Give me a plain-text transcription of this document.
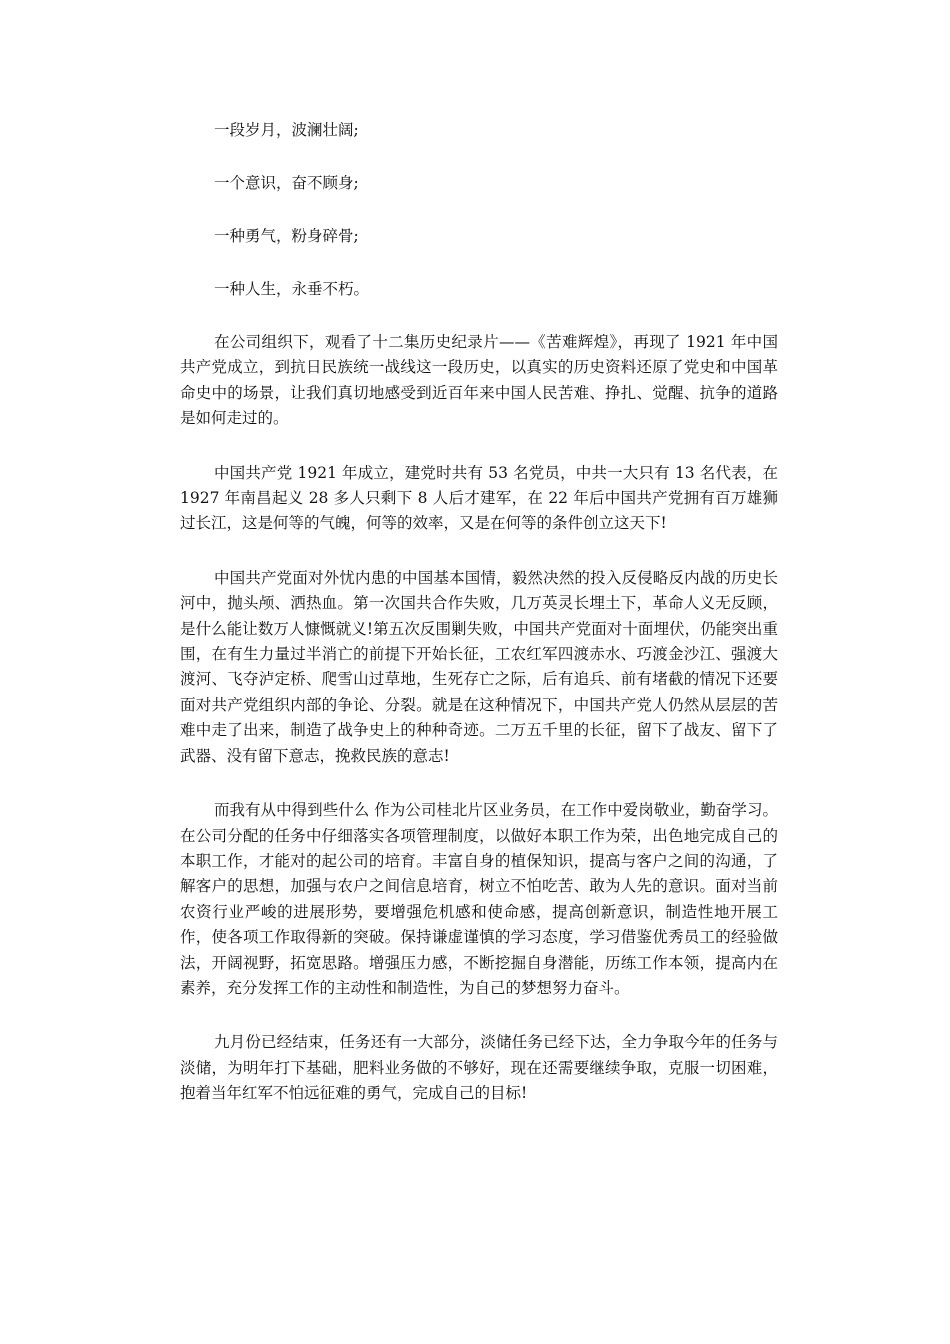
一段岁月，波澜壮阔;

一个意识，奋不顾身;

一种勇气，粉身碎骨;

一种人生，永垂不朽。

在公司组织下，观看了十二集历史纪录片——《苦难辉煌》，再现了 1921 年中国共产党成立，到抗日民族统一战线这一段历史，以真实的历史资料还原了党史和中国革命史中的场景，让我们真切地感受到近百年来中国人民苦难、挣扎、觉醒、抗争的道路是如何走过的。

中国共产党 1921 年成立，建党时共有 53 名党员，中共一大只有 13 名代表，在 1927 年南昌起义 28 多人只剩下 8 人后才建军，在 22 年后中国共产党拥有百万雄狮过长江，这是何等的气魄，何等的效率，又是在何等的条件创立这天下!

中国共产党面对外忧内患的中国基本国情，毅然决然的投入反侵略反内战的历史长河中，抛头颅、洒热血。第一次国共合作失败，几万英灵长埋土下，革命人义无反顾，是什么能让数万人慷慨就义!第五次反围剿失败，中国共产党面对十面埋伏，仍能突出重围，在有生力量过半消亡的前提下开始长征，工农红军四渡赤水、巧渡金沙江、强渡大渡河、飞夺泸定桥、爬雪山过草地，生死存亡之际，后有追兵、前有堵截的情况下还要面对共产党组织内部的争论、分裂。就是在这种情况下，中国共产党人仍然从层层的苦难中走了出来，制造了战争史上的种种奇迹。二万五千里的长征，留下了战友、留下了武器、没有留下意志，挽救民族的意志!

而我有从中得到些什么 作为公司桂北片区业务员，在工作中爱岗敬业，勤奋学习。在公司分配的任务中仔细落实各项管理制度，以做好本职工作为荣，出色地完成自己的本职工作，才能对的起公司的培育。丰富自身的植保知识，提高与客户之间的沟通，了解客户的思想，加强与农户之间信息培育，树立不怕吃苦、敢为人先的意识。面对当前农资行业严峻的进展形势，要增强危机感和使命感，提高创新意识，制造性地开展工作，使各项工作取得新的突破。保持谦虚谨慎的学习态度，学习借鉴优秀员工的经验做法，开阔视野，拓宽思路。增强压力感，不断挖掘自身潜能，历练工作本领，提高内在素养，充分发挥工作的主动性和制造性，为自己的梦想努力奋斗。

九月份已经结束，任务还有一大部分，淡储任务已经下达，全力争取今年的任务与淡储，为明年打下基础，肥料业务做的不够好，现在还需要继续争取，克服一切困难，抱着当年红军不怕远征难的勇气，完成自己的目标!
